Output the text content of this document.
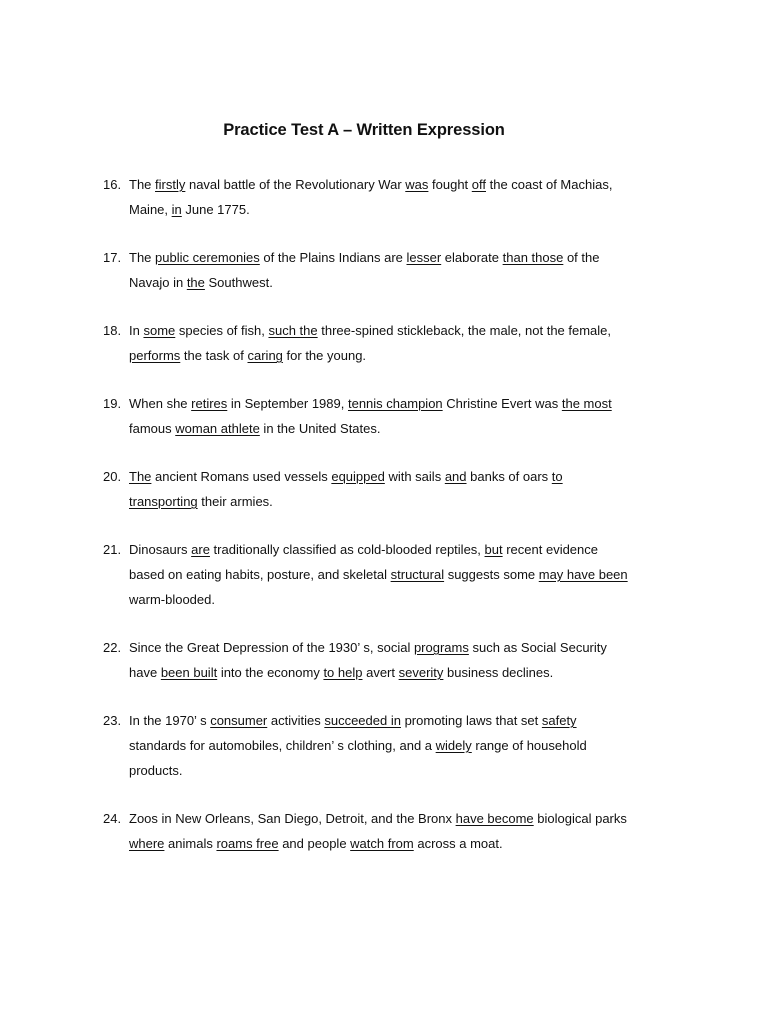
Practice Test A – Written Expression
16. The firstly naval battle of the Revolutionary War was fought off the coast of Machias,
Maine, in June 1775.
17. The public ceremonies of the Plains Indians are lesser elaborate than those of the
Navajo in the Southwest.
18. In some species of fish, such the three-spined stickleback, the male, not the female,
performs the task of caring for the young.
19. When she retires in September 1989, tennis champion Christine Evert was the most
famous woman athlete in the United States.
20. The ancient Romans used vessels equipped with sails and banks of oars to
transporting their armies.
21. Dinosaurs are traditionally classified as cold-blooded reptiles, but recent evidence
based on eating habits, posture, and skeletal structural suggests some may have been
warm-blooded.
22. Since the Great Depression of the 1930’ s, social programs such as Social Security
have been built into the economy to help avert severity business declines.
23. In the 1970’ s consumer activities succeeded in promoting laws that set safety
standards for automobiles, children’ s clothing, and a widely range of household
products.
24. Zoos in New Orleans, San Diego, Detroit, and the Bronx have become biological parks
where animals roams free and people watch from across a moat.
